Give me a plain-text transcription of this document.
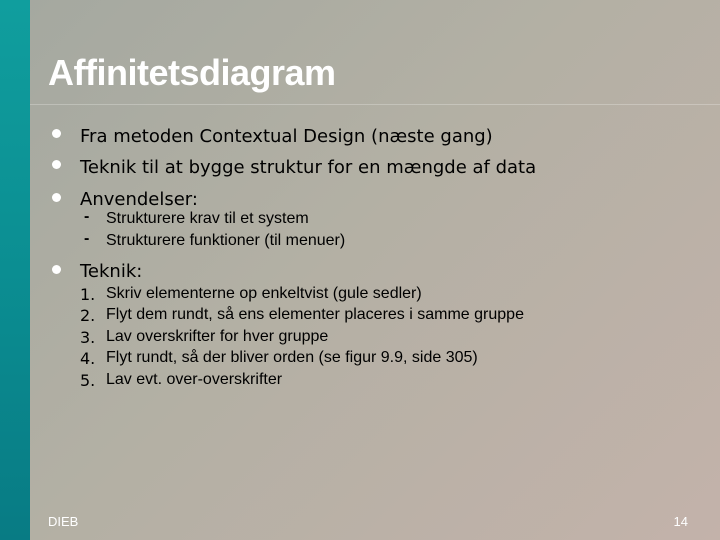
Affinitetsdiagram
Fra metoden Contextual Design (næste gang)
Teknik til at bygge struktur for en mængde af data
Anvendelser:
- Strukturere krav til et system
- Strukturere funktioner (til menuer)
Teknik:
1. Skriv elementerne op enkeltvist (gule sedler)
2. Flyt dem rundt, så ens elementer placeres i samme gruppe
3. Lav overskrifter for hver gruppe
4. Flyt rundt, så der bliver orden (se figur 9.9, side 305)
5. Lav evt. over-overskrifter
DIEB	14
